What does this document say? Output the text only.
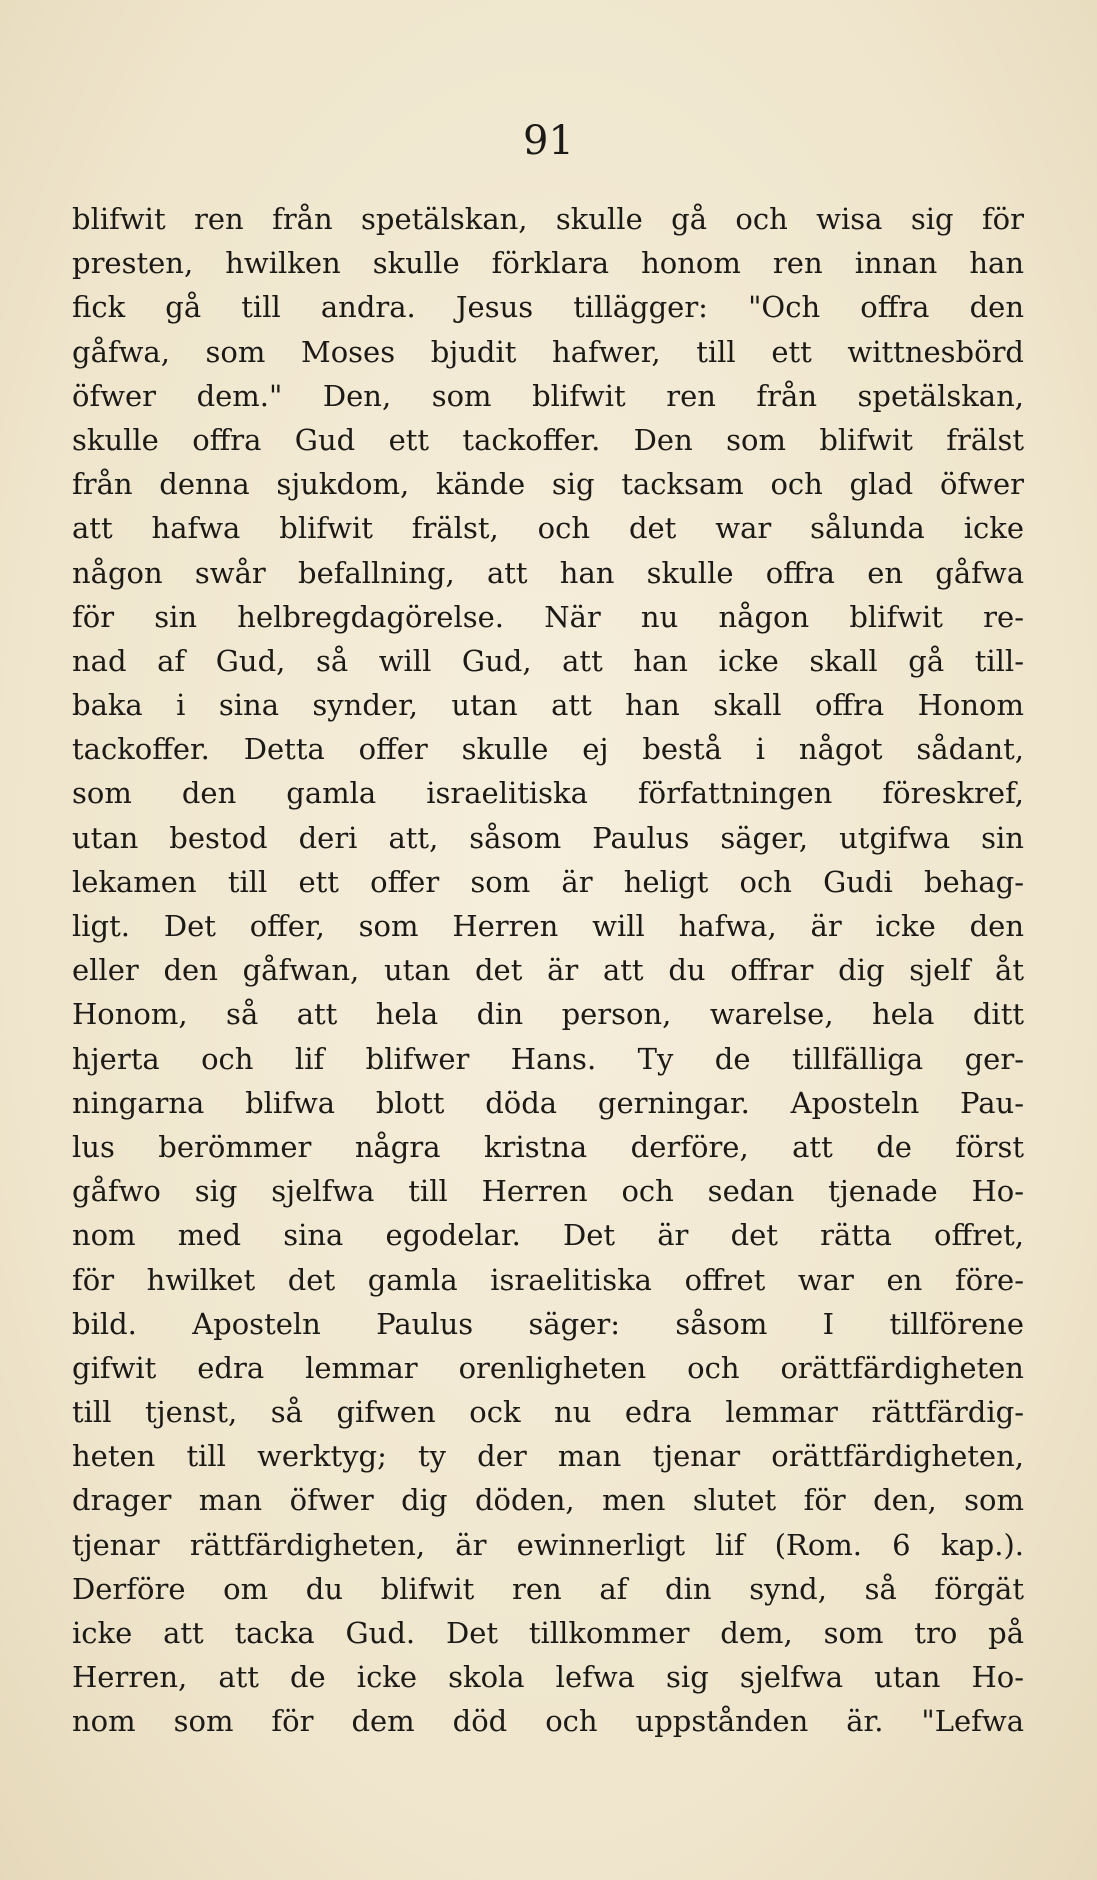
91

blifwit ren från spetälskan, skulle gå och wisa sig för
presten, hwilken skulle förklara honom ren innan han
fick gå till andra. Jesus tillägger: "Och offra den
gåfwa, som Moses bjudit hafwer, till ett wittnesbörd
öfwer dem." Den, som blifwit ren från spetälskan,
skulle offra Gud ett tackoffer. Den som blifwit frälst
från denna sjukdom, kände sig tacksam och glad öfwer
att hafwa blifwit frälst, och det war sålunda icke
någon swår befallning, att han skulle offra en gåfwa
för sin helbregdagörelse. När nu någon blifwit re-
nad af Gud, så will Gud, att han icke skall gå till-
baka i sina synder, utan att han skall offra Honom
tackoffer. Detta offer skulle ej bestå i något sådant,
som den gamla israelitiska författningen föreskref,
utan bestod deri att, såsom Paulus säger, utgifwa sin
lekamen till ett offer som är heligt och Gudi behag-
ligt. Det offer, som Herren will hafwa, är icke den
eller den gåfwan, utan det är att du offrar dig sjelf åt
Honom, så att hela din person, warelse, hela ditt
hjerta och lif blifwer Hans. Ty de tillfälliga ger-
ningarna blifwa blott döda gerningar. Aposteln Pau-
lus berömmer några kristna derföre, att de först
gåfwo sig sjelfwa till Herren och sedan tjenade Ho-
nom med sina egodelar. Det är det rätta offret,
för hwilket det gamla israelitiska offret war en före-
bild. Aposteln Paulus säger: såsom I tillförene
gifwit edra lemmar orenligheten och orättfärdigheten
till tjenst, så gifwen ock nu edra lemmar rättfärdig-
heten till werktyg; ty der man tjenar orättfärdigheten,
drager man öfwer dig döden, men slutet för den, som
tjenar rättfärdigheten, är ewinnerligt lif (Rom. 6 kap.).
Derföre om du blifwit ren af din synd, så förgät
icke att tacka Gud. Det tillkommer dem, som tro på
Herren, att de icke skola lefwa sig sjelfwa utan Ho-
nom som för dem död och uppstånden är. "Lefwa
